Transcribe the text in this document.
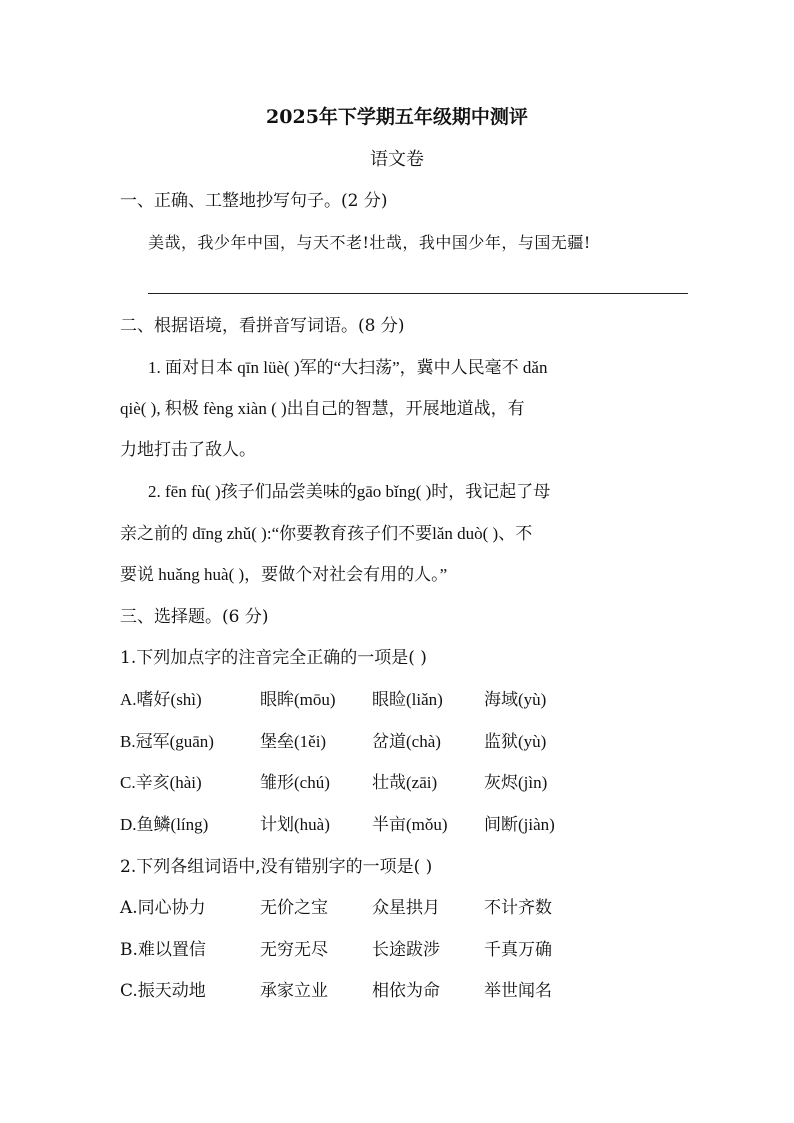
2025年下学期五年级期中测评
语文卷
一、正确、工整地抄写句子。(2 分)
美哉，我少年中国，与天不老!壮哉，我中国少年，与国无疆!
二、根据语境，看拼音写词语。(8 分)
1. 面对日本 qīn lüè( )军的“大扫荡”，冀中人民毫不 dǎn
qiè( ), 积极 fèng xiàn ( )出自己的智慧，开展地道战，有
力地打击了敌人。
2. fēn fù( )孩子们品尝美味的gāo bǐng( )时，我记起了母
亲之前的 dīng zhǔ( ):“你要教育孩子们不要lǎn duò( )、不
要说 huǎng huà( )，要做个对社会有用的人。”
三、选择题。(6 分)
1.下列加点字的注音完全正确的一项是( )
A.嗜好(shì)	眼眸(mōu) 眼睑(liǎn) 海域(yù)
B.冠军(guān)	堡垒(1ěi)	岔道(chà)	监狱(yù)
C.辛亥(hài)	雏形(chú) 壮哉(zāi)	灰烬(jìn)
D.鱼鳞(líng)	计划(huà) 半亩(mǒu) 间断(jiàn)
2.下列各组词语中,没有错别字的一项是( )
A.同心协力	无价之宝	众星拱月	不计齐数
B.难以置信	无穷无尽	长途跋涉	千真万确
C.振天动地	承家立业	相依为命	举世闻名
